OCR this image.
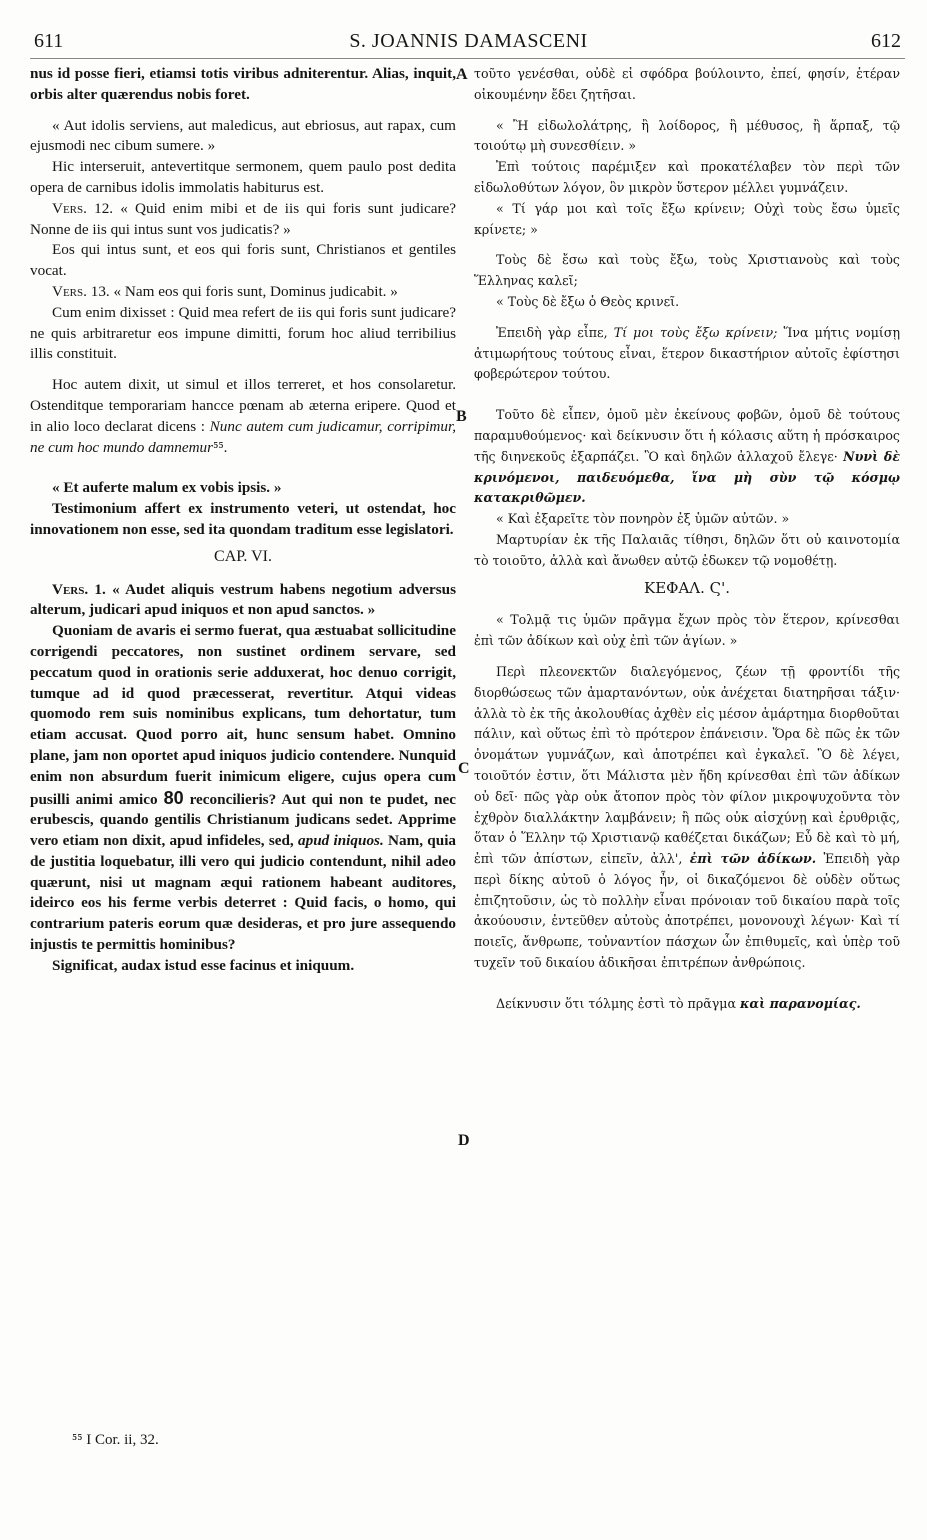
611	S. JOANNIS DAMASCENI	612
A
B
C
D

nus id posse fieri, etiamsi totis viribus adniterentur. Alias, inquit, orbis alter quærendus nobis foret.

« Aut idolis serviens, aut maledicus, aut ebriosus, aut rapax, cum ejusmodi nec cibum sumere. »

Hic interseruit, antevertitque sermonem, quem paulo post dedita opera de carnibus idolis immolatis habiturus est.

Vers. 12. « Quid enim mibi et de iis qui foris sunt judicare? Nonne de iis qui intus sunt vos judicatis? »

Eos qui intus sunt, et eos qui foris sunt, Christianos et gentiles vocat.

Vers. 13. « Nam eos qui foris sunt, Dominus judicabit. »

Cum enim dixisset : Quid mea refert de iis qui foris sunt judicare? ne quis arbitraretur eos impune dimitti, forum hoc aliud terribilius illis constituit.

Hoc autem dixit, ut simul et illos terreret, et hos consolaretur. Ostenditque temporariam hancce pœnam ab æterna eripere. Quod et in alio loco declarat dicens : Nunc autem cum judicamur, corripimur, ne cum hoc mundo damnemur⁵⁵.

« Et auferte malum ex vobis ipsis. »

Testimonium affert ex instrumento veteri, ut ostendat, hoc innovationem non esse, sed ita quondam traditum esse legislatori.

CAP. VI.

Vers. 1. « Audet aliquis vestrum habens negotium adversus alterum, judicari apud iniquos et non apud sanctos. »

Quoniam de avaris ei sermo fuerat, qua æstuabat sollicitudine corrigendi peccatores, non sustinet ordinem servare, sed peccatum quod in orationis serie adduxerat, hoc denuo corrigit, tumque ad id quod præcesserat, revertitur. Atqui videas quomodo rem suis nominibus explicans, tum dehortatur, tum etiam accusat. Quod porro ait, hunc sensum habet. Omnino plane, jam non oportet apud iniquos judicio contendere. Nunquid enim non absurdum fuerit inimicum eligere, cujus opera cum pusilli animi amico 80 reconcilieris? Aut qui non te pudet, nec erubescis, quando gentilis Christianum judicans sedet. Apprime vero etiam non dixit, apud infideles, sed, apud iniquos. Nam, quia de justitia loquebatur, illi vero qui judicio contendunt, nihil adeo quærunt, nisi ut magnam æqui rationem habeant auditores, ideirco eos his ferme verbis deterret : Quid facis, o homo, qui contrarium pateris eorum quæ desideras, et pro jure assequendo injustis te permittis hominibus?

Significat, audax istud esse facinus et iniquum.

τοῦτο γενέσθαι, οὐδὲ εἰ σφόδρα βούλοιντο, ἐπεί, φησίν, ἑτέραν οἰκουμένην ἔδει ζητῆσαι.

« Ἢ εἰδωλολάτρης, ἢ λοίδορος, ἢ μέθυσος, ἢ ἅρπαξ, τῷ τοιούτῳ μὴ συνεσθίειν. »

Ἐπὶ τούτοις παρέμιξεν καὶ προκατέλαβεν τὸν περὶ τῶν εἰδωλοθύτων λόγον, ὃν μικρὸν ὕστερον μέλλει γυμνάζειν.

« Τί γάρ μοι καὶ τοῖς ἔξω κρίνειν; Οὐχὶ τοὺς ἔσω ὑμεῖς κρίνετε; »

Τοὺς δὲ ἔσω καὶ τοὺς ἔξω, τοὺς Χριστιανοὺς καὶ τοὺς Ἕλληνας καλεῖ;

« Τοὺς δὲ ἔξω ὁ Θεὸς κρινεῖ.

Ἐπειδὴ γὰρ εἶπε, Τί μοι τοὺς ἔξω κρίνειν; Ἵνα μήτις νομίσῃ ἀτιμωρήτους τούτους εἶναι, ἕτερον δικαστήριον αὐτοῖς ἐφίστησι φοβερώτερον τούτου.

Τοῦτο δὲ εἶπεν, ὁμοῦ μὲν ἐκείνους φοβῶν, ὁμοῦ δὲ τούτους παραμυθούμενος· καὶ δείκνυσιν ὅτι ἡ κόλασις αὕτη ἡ πρόσκαιρος τῆς διηνεκοῦς ἐξαρπάζει. Ὃ καὶ δηλῶν ἀλλαχοῦ ἔλεγε· Νυνὶ δὲ κρινόμενοι, παιδευόμεθα, ἵνα μὴ σὺν τῷ κόσμῳ κατακριθῶμεν.

« Καὶ ἐξαρεῖτε τὸν πονηρὸν ἐξ ὑμῶν αὐτῶν. »

Μαρτυρίαν ἐκ τῆς Παλαιᾶς τίθησι, δηλῶν ὅτι οὐ καινοτομία τὸ τοιοῦτο, ἀλλὰ καὶ ἄνωθεν αὐτῷ ἐδωκεν τῷ νομοθέτῃ.

ΚΕΦΑΛ. Ϛ'.

« Τολμᾷ τις ὑμῶν πρᾶγμα ἔχων πρὸς τὸν ἕτερον, κρίνεσθαι ἐπὶ τῶν ἀδίκων καὶ οὐχ ἐπὶ τῶν ἁγίων. »

Περὶ πλεονεκτῶν διαλεγόμενος, ζέων τῇ φροντίδι τῆς διορθώσεως τῶν ἁμαρτανόντων, οὐκ ἀνέχεται διατηρῆσαι τάξιν· ἀλλὰ τὸ ἐκ τῆς ἀκολουθίας ἀχθὲν εἰς μέσον ἁμάρτημα διορθοῦται πάλιν, καὶ οὕτως ἐπὶ τὸ πρότερον ἐπάνεισιν. Ὅρα δὲ πῶς ἐκ τῶν ὀνομάτων γυμνάζων, καὶ ἀποτρέπει καὶ ἐγκαλεῖ. Ὃ δὲ λέγει, τοιοῦτόν ἐστιν, ὅτι Μάλιστα μὲν ἤδη κρίνεσθαι ἐπὶ τῶν ἀδίκων οὐ δεῖ· πῶς γὰρ οὐκ ἄτοπον πρὸς τὸν φίλον μικροψυχοῦντα τὸν ἐχθρὸν διαλλάκτην λαμβάνειν; ἢ πῶς οὐκ αἰσχύνῃ καὶ ἐρυθριᾷς, ὅταν ὁ Ἕλλην τῷ Χριστιανῷ καθέζεται δικάζων; Εὖ δὲ καὶ τὸ μή, ἐπὶ τῶν ἀπίστων, εἰπεῖν, ἀλλ', ἐπὶ τῶν ἀδίκων. Ἐπειδὴ γὰρ περὶ δίκης αὐτοῦ ὁ λόγος ἦν, οἱ δικαζόμενοι δὲ οὐδὲν οὕτως ἐπιζητοῦσιν, ὡς τὸ πολλὴν εἶναι πρόνοιαν τοῦ δικαίου παρὰ τοῖς ἀκούουσιν, ἐντεῦθεν αὐτοὺς ἀποτρέπει, μονονουχὶ λέγων· Καὶ τί ποιεῖς, ἄνθρωπε, τοὐναντίον πάσχων ὧν ἐπιθυμεῖς, καὶ ὑπὲρ τοῦ τυχεῖν τοῦ δικαίου ἀδικῆσαι ἐπιτρέπων ἀνθρώποις.

Δείκνυσιν ὅτι τόλμης ἐστὶ τὸ πρᾶγμα καὶ παρανομίας.

⁵⁵ I Cor. ii, 32.
